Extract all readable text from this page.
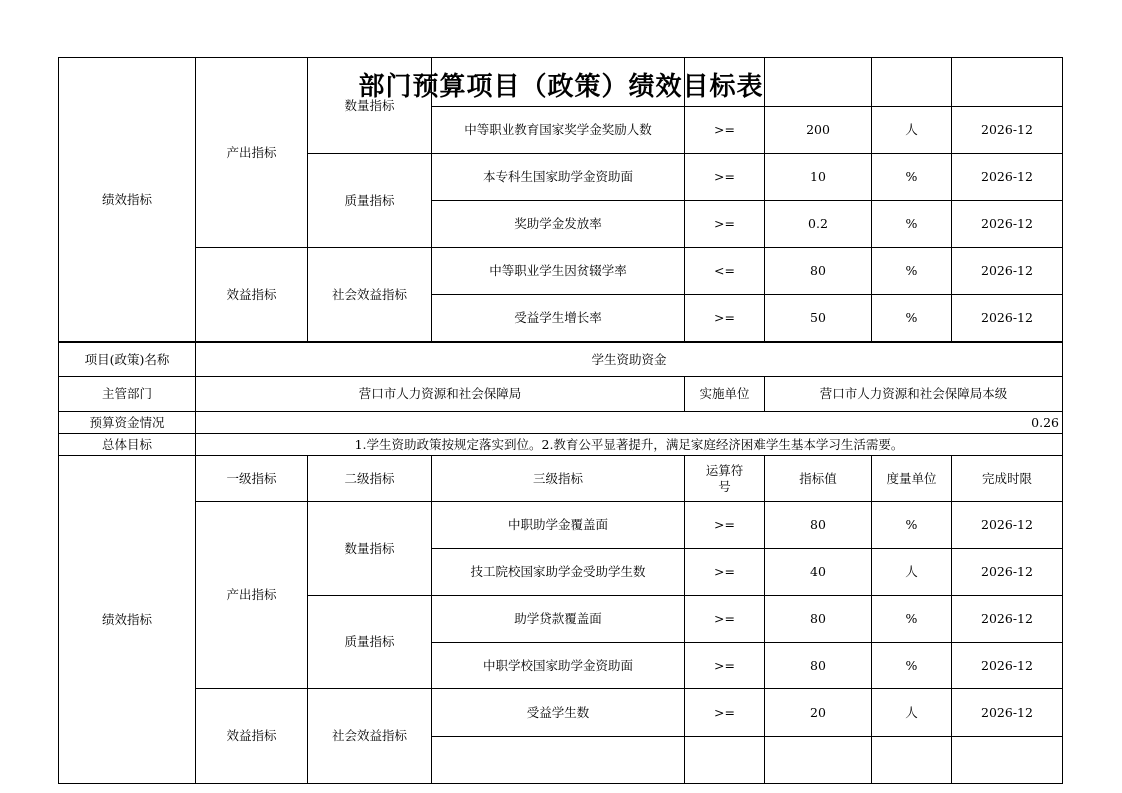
部门预算项目（政策）绩效目标表
绩效指标	产出指标	数量指标					
			中等职业教育国家奖学金奖励人数	>=	200	人	2026-12
		质量指标	本专科生国家助学金资助面	>=	10	%	2026-12
			奖助学金发放率	>=	0.2	%	2026-12
	效益指标	社会效益指标	中等职业学生因贫辍学率	<=	80	%	2026-12
			受益学生增长率	>=	50	%	2026-12
项目(政策)名称	学生资助资金						
主管部门	营口市人力资源和社会保障局			实施单位	营口市人力资源和社会保障局本级		
预算资金情况	0.26						
总体目标	1.学生资助政策按规定落实到位。2.教育公平显著提升，满足家庭经济困难学生基本学习生活需要。						
绩效指标	一级指标	二级指标	三级指标	运算符号	指标值	度量单位	完成时限
	产出指标	数量指标	中职助学金覆盖面	>=	80	%	2026-12
			技工院校国家助学金受助学生数	>=	40	人	2026-12
		质量指标	助学贷款覆盖面	>=	80	%	2026-12
			中职学校国家助学金资助面	>=	80	%	2026-12
	效益指标	社会效益指标	受益学生数	>=	20	人	2026-12
